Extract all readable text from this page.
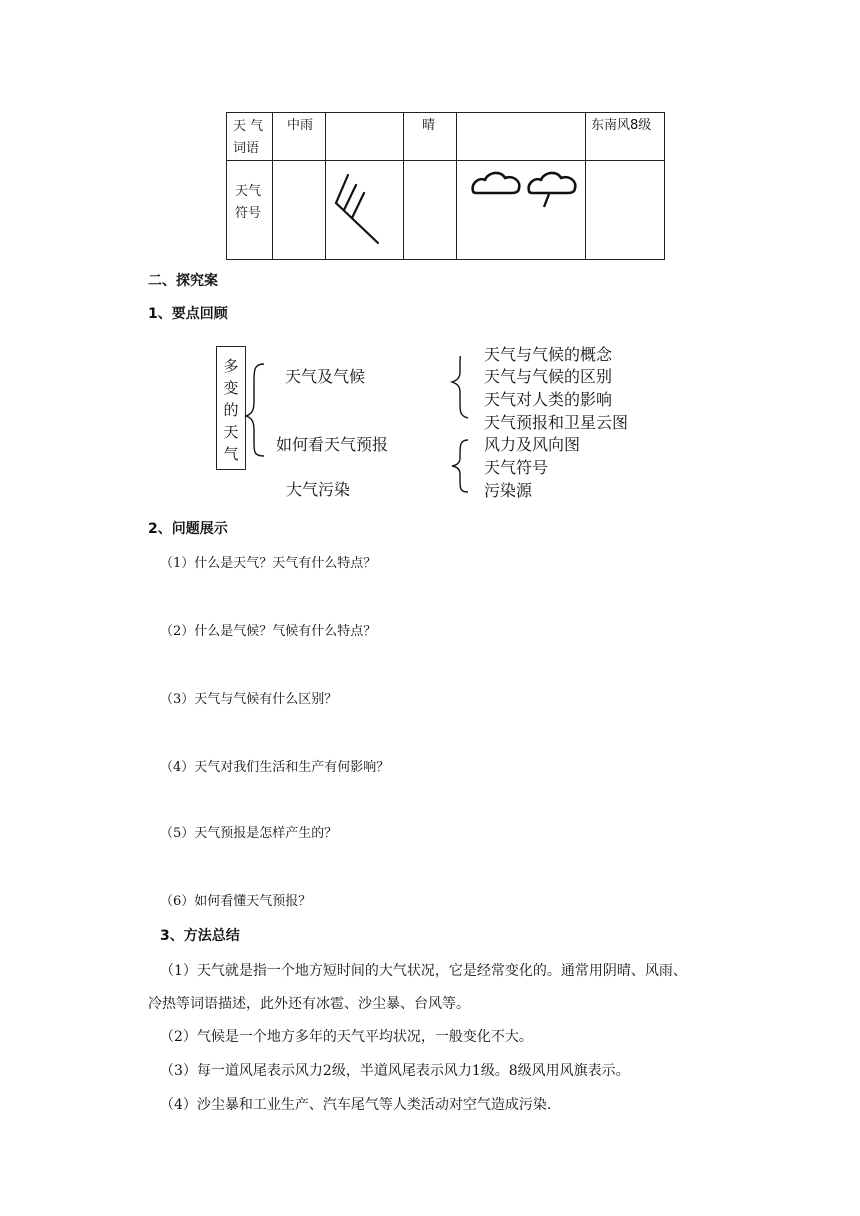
天 气
词语	中雨		晴		东南风8级

天气
符号

二、探究案
1、要点回顾
多
变
的
天
气
天气及气候
如何看天气预报
大气污染
天气与气候的概念
天气与气候的区别
天气对人类的影响
天气预报和卫星云图
风力及风向图
天气符号
污染源
2、问题展示
（1）什么是天气？天气有什么特点？
（2）什么是气候？气候有什么特点？
（3）天气与气候有什么区别？
（4）天气对我们生活和生产有何影响？
（5）天气预报是怎样产生的？
（6）如何看懂天气预报？
3、方法总结
（1）天气就是指一个地方短时间的大气状况，它是经常变化的。通常用阴晴、风雨、
冷热等词语描述，此外还有冰雹、沙尘暴、台风等。
（2）气候是一个地方多年的天气平均状况，一般变化不大。
（3）每一道风尾表示风力2级，半道风尾表示风力1级。8级风用风旗表示。
（4）沙尘暴和工业生产、汽车尾气等人类活动对空气造成污染.
